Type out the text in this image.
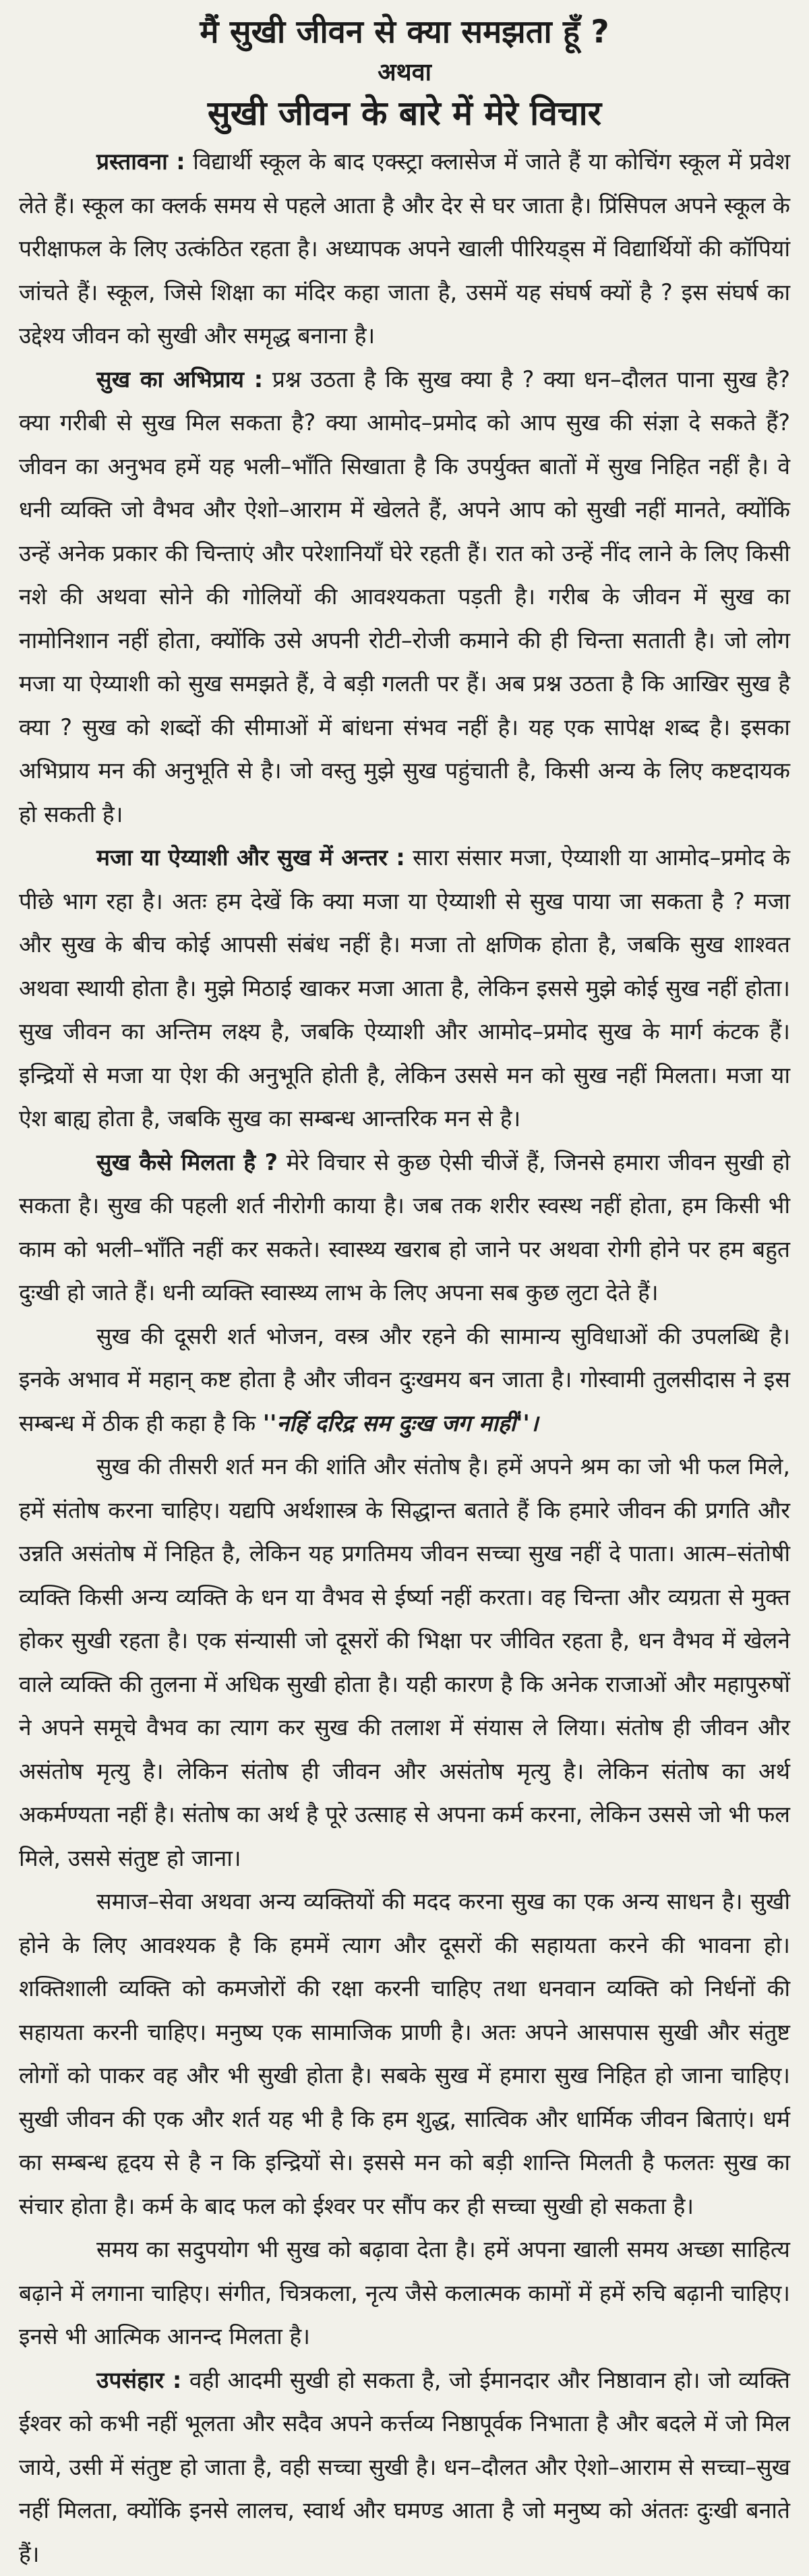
मैं सुखी जीवन से क्या समझता हूँ ?
अथवा
सुखी जीवन के बारे में मेरे विचार

प्रस्तावना : विद्यार्थी स्कूल के बाद एक्स्ट्रा क्लासेज में जाते हैं या कोचिंग स्कूल में प्रवेश लेते हैं। स्कूल का क्लर्क समय से पहले आता है और देर से घर जाता है। प्रिंसिपल अपने स्कूल के परीक्षाफल के लिए उत्कंठित रहता है। अध्यापक अपने खाली पीरियड्स में विद्यार्थियों की कॉपियां जांचते हैं। स्कूल, जिसे शिक्षा का मंदिर कहा जाता है, उसमें यह संघर्ष क्यों है ? इस संघर्ष का उद्देश्य जीवन को सुखी और समृद्ध बनाना है।

सुख का अभिप्राय : प्रश्न उठता है कि सुख क्या है ? क्या धन–दौलत पाना सुख है? क्या गरीबी से सुख मिल सकता है? क्या आमोद–प्रमोद को आप सुख की संज्ञा दे सकते हैं? जीवन का अनुभव हमें यह भली–भाँति सिखाता है कि उपर्युक्त बातों में सुख निहित नहीं है। वे धनी व्यक्ति जो वैभव और ऐशो–आराम में खेलते हैं, अपने आप को सुखी नहीं मानते, क्योंकि उन्हें अनेक प्रकार की चिन्ताएं और परेशानियाँ घेरे रहती हैं। रात को उन्हें नींद लाने के लिए किसी नशे की अथवा सोने की गोलियों की आवश्यकता पड़ती है। गरीब के जीवन में सुख का नामोनिशान नहीं होता, क्योंकि उसे अपनी रोटी–रोजी कमाने की ही चिन्ता सताती है। जो लोग मजा या ऐय्याशी को सुख समझते हैं, वे बड़ी गलती पर हैं। अब प्रश्न उठता है कि आखिर सुख है क्या ? सुख को शब्दों की सीमाओं में बांधना संभव नहीं है। यह एक सापेक्ष शब्द है। इसका अभिप्राय मन की अनुभूति से है। जो वस्तु मुझे सुख पहुंचाती है, किसी अन्य के लिए कष्टदायक हो सकती है।

मजा या ऐय्याशी और सुख में अन्तर : सारा संसार मजा, ऐय्याशी या आमोद–प्रमोद के पीछे भाग रहा है। अतः हम देखें कि क्या मजा या ऐय्याशी से सुख पाया जा सकता है ? मजा और सुख के बीच कोई आपसी संबंध नहीं है। मजा तो क्षणिक होता है, जबकि सुख शाश्वत अथवा स्थायी होता है। मुझे मिठाई खाकर मजा आता है, लेकिन इससे मुझे कोई सुख नहीं होता। सुख जीवन का अन्तिम लक्ष्य है, जबकि ऐय्याशी और आमोद–प्रमोद सुख के मार्ग कंटक हैं। इन्द्रियों से मजा या ऐश की अनुभूति होती है, लेकिन उससे मन को सुख नहीं मिलता। मजा या ऐश बाह्य होता है, जबकि सुख का सम्बन्ध आन्तरिक मन से है।

सुख कैसे मिलता है ? मेरे विचार से कुछ ऐसी चीजें हैं, जिनसे हमारा जीवन सुखी हो सकता है। सुख की पहली शर्त नीरोगी काया है। जब तक शरीर स्वस्थ नहीं होता, हम किसी भी काम को भली–भाँति नहीं कर सकते। स्वास्थ्य खराब हो जाने पर अथवा रोगी होने पर हम बहुत दुःखी हो जाते हैं। धनी व्यक्ति स्वास्थ्य लाभ के लिए अपना सब कुछ लुटा देते हैं।

सुख की दूसरी शर्त भोजन, वस्त्र और रहने की सामान्य सुविधाओं की उपलब्धि है। इनके अभाव में महान् कष्ट होता है और जीवन दुःखमय बन जाता है। गोस्वामी तुलसीदास ने इस सम्बन्ध में ठीक ही कहा है कि ''नहिं दरिद्र सम दुःख जग माहीं''।

सुख की तीसरी शर्त मन की शांति और संतोष है। हमें अपने श्रम का जो भी फल मिले, हमें संतोष करना चाहिए। यद्यपि अर्थशास्त्र के सिद्धान्त बताते हैं कि हमारे जीवन की प्रगति और उन्नति असंतोष में निहित है, लेकिन यह प्रगतिमय जीवन सच्चा सुख नहीं दे पाता। आत्म–संतोषी व्यक्ति किसी अन्य व्यक्ति के धन या वैभव से ईर्ष्या नहीं करता। वह चिन्ता और व्यग्रता से मुक्त होकर सुखी रहता है। एक संन्यासी जो दूसरों की भिक्षा पर जीवित रहता है, धन वैभव में खेलने वाले व्यक्ति की तुलना में अधिक सुखी होता है। यही कारण है कि अनेक राजाओं और महापुरुषों ने अपने समूचे वैभव का त्याग कर सुख की तलाश में संयास ले लिया। संतोष ही जीवन और असंतोष मृत्यु है। लेकिन संतोष ही जीवन और असंतोष मृत्यु है। लेकिन संतोष का अर्थ अकर्मण्यता नहीं है। संतोष का अर्थ है पूरे उत्साह से अपना कर्म करना, लेकिन उससे जो भी फल मिले, उससे संतुष्ट हो जाना।

समाज–सेवा अथवा अन्य व्यक्तियों की मदद करना सुख का एक अन्य साधन है। सुखी होने के लिए आवश्यक है कि हममें त्याग और दूसरों की सहायता करने की भावना हो। शक्तिशाली व्यक्ति को कमजोरों की रक्षा करनी चाहिए तथा धनवान व्यक्ति को निर्धनों की सहायता करनी चाहिए। मनुष्य एक सामाजिक प्राणी है। अतः अपने आसपास सुखी और संतुष्ट लोगों को पाकर वह और भी सुखी होता है। सबके सुख में हमारा सुख निहित हो जाना चाहिए। सुखी जीवन की एक और शर्त यह भी है कि हम शुद्ध, सात्विक और धार्मिक जीवन बिताएं। धर्म का सम्बन्ध हृदय से है न कि इन्द्रियों से। इससे मन को बड़ी शान्ति मिलती है फलतः सुख का संचार होता है। कर्म के बाद फल को ईश्वर पर सौंप कर ही सच्चा सुखी हो सकता है।

समय का सदुपयोग भी सुख को बढ़ावा देता है। हमें अपना खाली समय अच्छा साहित्य बढ़ाने में लगाना चाहिए। संगीत, चित्रकला, नृत्य जैसे कलात्मक कामों में हमें रुचि बढ़ानी चाहिए। इनसे भी आत्मिक आनन्द मिलता है।

उपसंहार : वही आदमी सुखी हो सकता है, जो ईमानदार और निष्ठावान हो। जो व्यक्ति ईश्वर को कभी नहीं भूलता और सदैव अपने कर्त्तव्य निष्ठापूर्वक निभाता है और बदले में जो मिल जाये, उसी में संतुष्ट हो जाता है, वही सच्चा सुखी है। धन–दौलत और ऐशो–आराम से सच्चा–सुख नहीं मिलता, क्योंकि इनसे लालच, स्वार्थ और घमण्ड आता है जो मनुष्य को अंततः दुःखी बनाते हैं।
